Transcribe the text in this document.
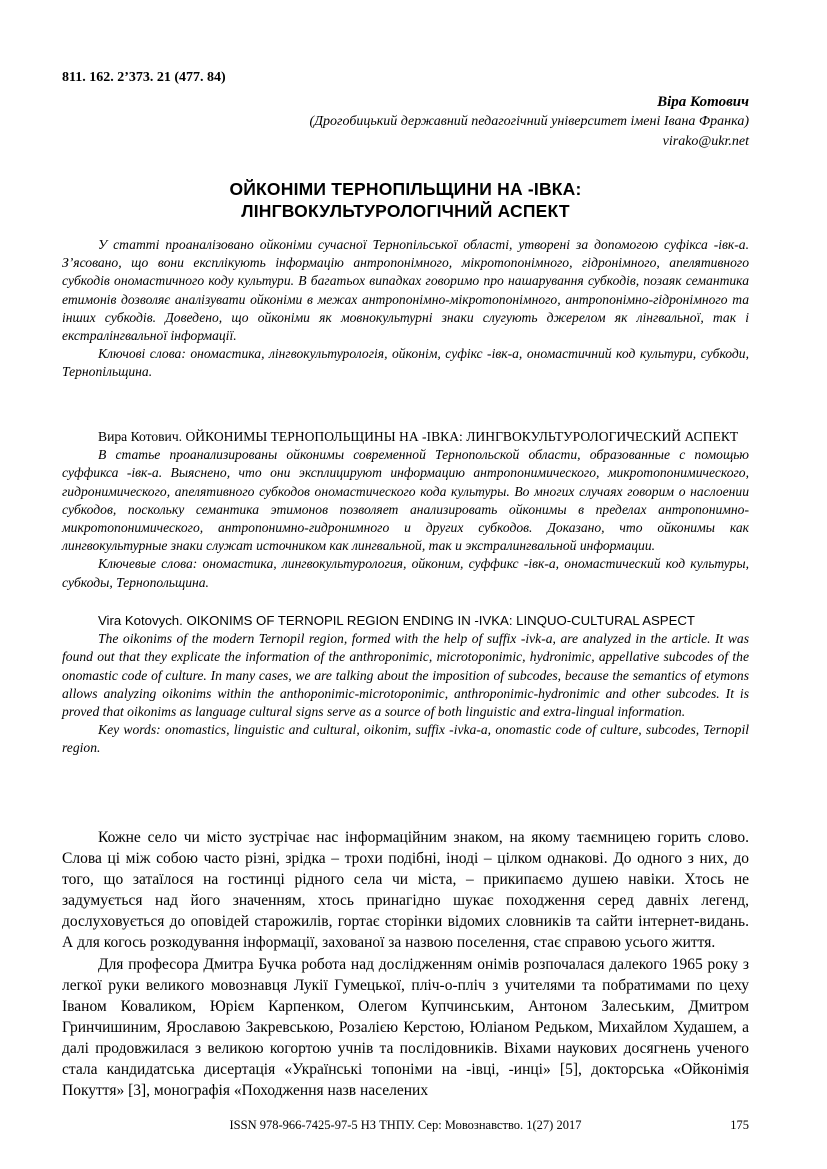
811. 162. 2’373. 21 (477. 84)
Віра Котович
(Дрогобицький державний педагогічний університет імені Івана Франка)
virako@ukr.net
ОЙКОНІМИ ТЕРНОПІЛЬЩИНИ НА -ІВКА:
ЛІНГВОКУЛЬТУРОЛОГІЧНИЙ АСПЕКТ

У статті проаналізовано ойконіми сучасної Тернопільської області, утворені за допомогою суфікса -івк-а. З’ясовано, що вони експлікують інформацію антропонімного, мікротопонімного, гідронімного, апелятивного субкодів ономастичного коду культури. В багатьох випадках говоримо про нашарування субкодів, позаяк семантика етимонів дозволяє аналізувати ойконіми в межах антропонімно-мікротопонімного, антропонімно-гідронімного та інших субкодів. Доведено, що ойконіми як мовнокультурні знаки слугують джерелом як лінгвальної, так і екстралінгвальної інформації.

Ключові слова: ономастика, лінгвокультурологія, ойконім, суфікс -івк-а, ономастичний код культури, субкоди, Тернопільщина.

Вира Котович. ОЙКОНИМЫ ТЕРНОПОЛЬЩИНЫ НА -ІВКА: ЛИНГВОКУЛЬТУРОЛОГИЧЕСКИЙ АСПЕКТ

В статье проанализированы ойконимы современной Тернопольской области, образованные с помощью суффикса -івк-а. Выяснено, что они эксплицируют информацию антропонимического, микротопонимического, гидронимического, апелятивного субкодов ономастического кода культуры. Во многих случаях говорим о наслоении субкодов, поскольку семантика этимонов позволяет анализировать ойконимы в пределах антропонимно-микротопонимического, антропонимно-гидронимного и других субкодов. Доказано, что ойконимы как лингвокультурные знаки служат источником как лингвальной, так и экстралингвальной информации.

Ключевые слова: ономастика, лингвокультурология, ойконим, суффикс -івк-а, ономастический код культуры, субкоды, Тернопольщина.

Vira Kotovych. OIKONIMS OF TERNOPIL REGION ENDING IN -IVKA: LINQUO-CULTURAL ASPECT

The oikonims of the modern Ternopil region, formed with the help of suffix -ivk-a, are analyzed in the article. It was found out that they explicate the information of the anthroponimic, microtoponimic, hydronimic, appellative subcodes of the onomastic code of culture. In many cases, we are talking about the imposition of subcodes, because the semantics of etymons allows analyzing oikonims within the anthoponimic-microtoponimic, anthroponimic-hydronimic and other subcodes. It is proved that oikonims as language cultural signs serve as a source of both linguistic and extra-lingual information.

Key words: onomastics, linguistic and cultural, oikonim, suffix -ivka-a, onomastic code of culture, subcodes, Ternopil region.

Кожне село чи місто зустрічає нас інформаційним знаком, на якому таємницею горить слово. Слова ці між собою часто різні, зрідка – трохи подібні, іноді – цілком однакові. До одного з них, до того, що затаїлося на гостинці рідного села чи міста, – прикипаємо душею навіки. Хтось не задумується над його значенням, хтось принагідно шукає походження серед давніх легенд, дослуховується до оповідей старожилів, гортає сторінки відомих словників та сайти інтернет-видань. А для когось розкодування інформації, захованої за назвою поселення, стає справою усього життя.

Для професора Дмитра Бучка робота над дослідженням онімів розпочалася далекого 1965 року з легкої руки великого мовознавця Лукії Гумецької, пліч-о-пліч з учителями та побратимами по цеху Іваном Коваликом, Юрієм Карпенком, Олегом Купчинським, Антоном Залеським, Дмитром Гринчишиним, Ярославою Закревською, Розалією Керстою, Юліаном Редьком, Михайлом Худашем, а далі продовжилася з великою когортою учнів та послідовників. Віхами наукових досягнень ученого стала кандидатська дисертація «Українські топоніми на -івці, -инці» [5], докторська «Ойконімія Покуття» [3], монографія «Походження назв населених

ISSN 978-966-7425-97-5 НЗ ТНПУ. Сер: Мовознавство. 1(27) 2017	175
